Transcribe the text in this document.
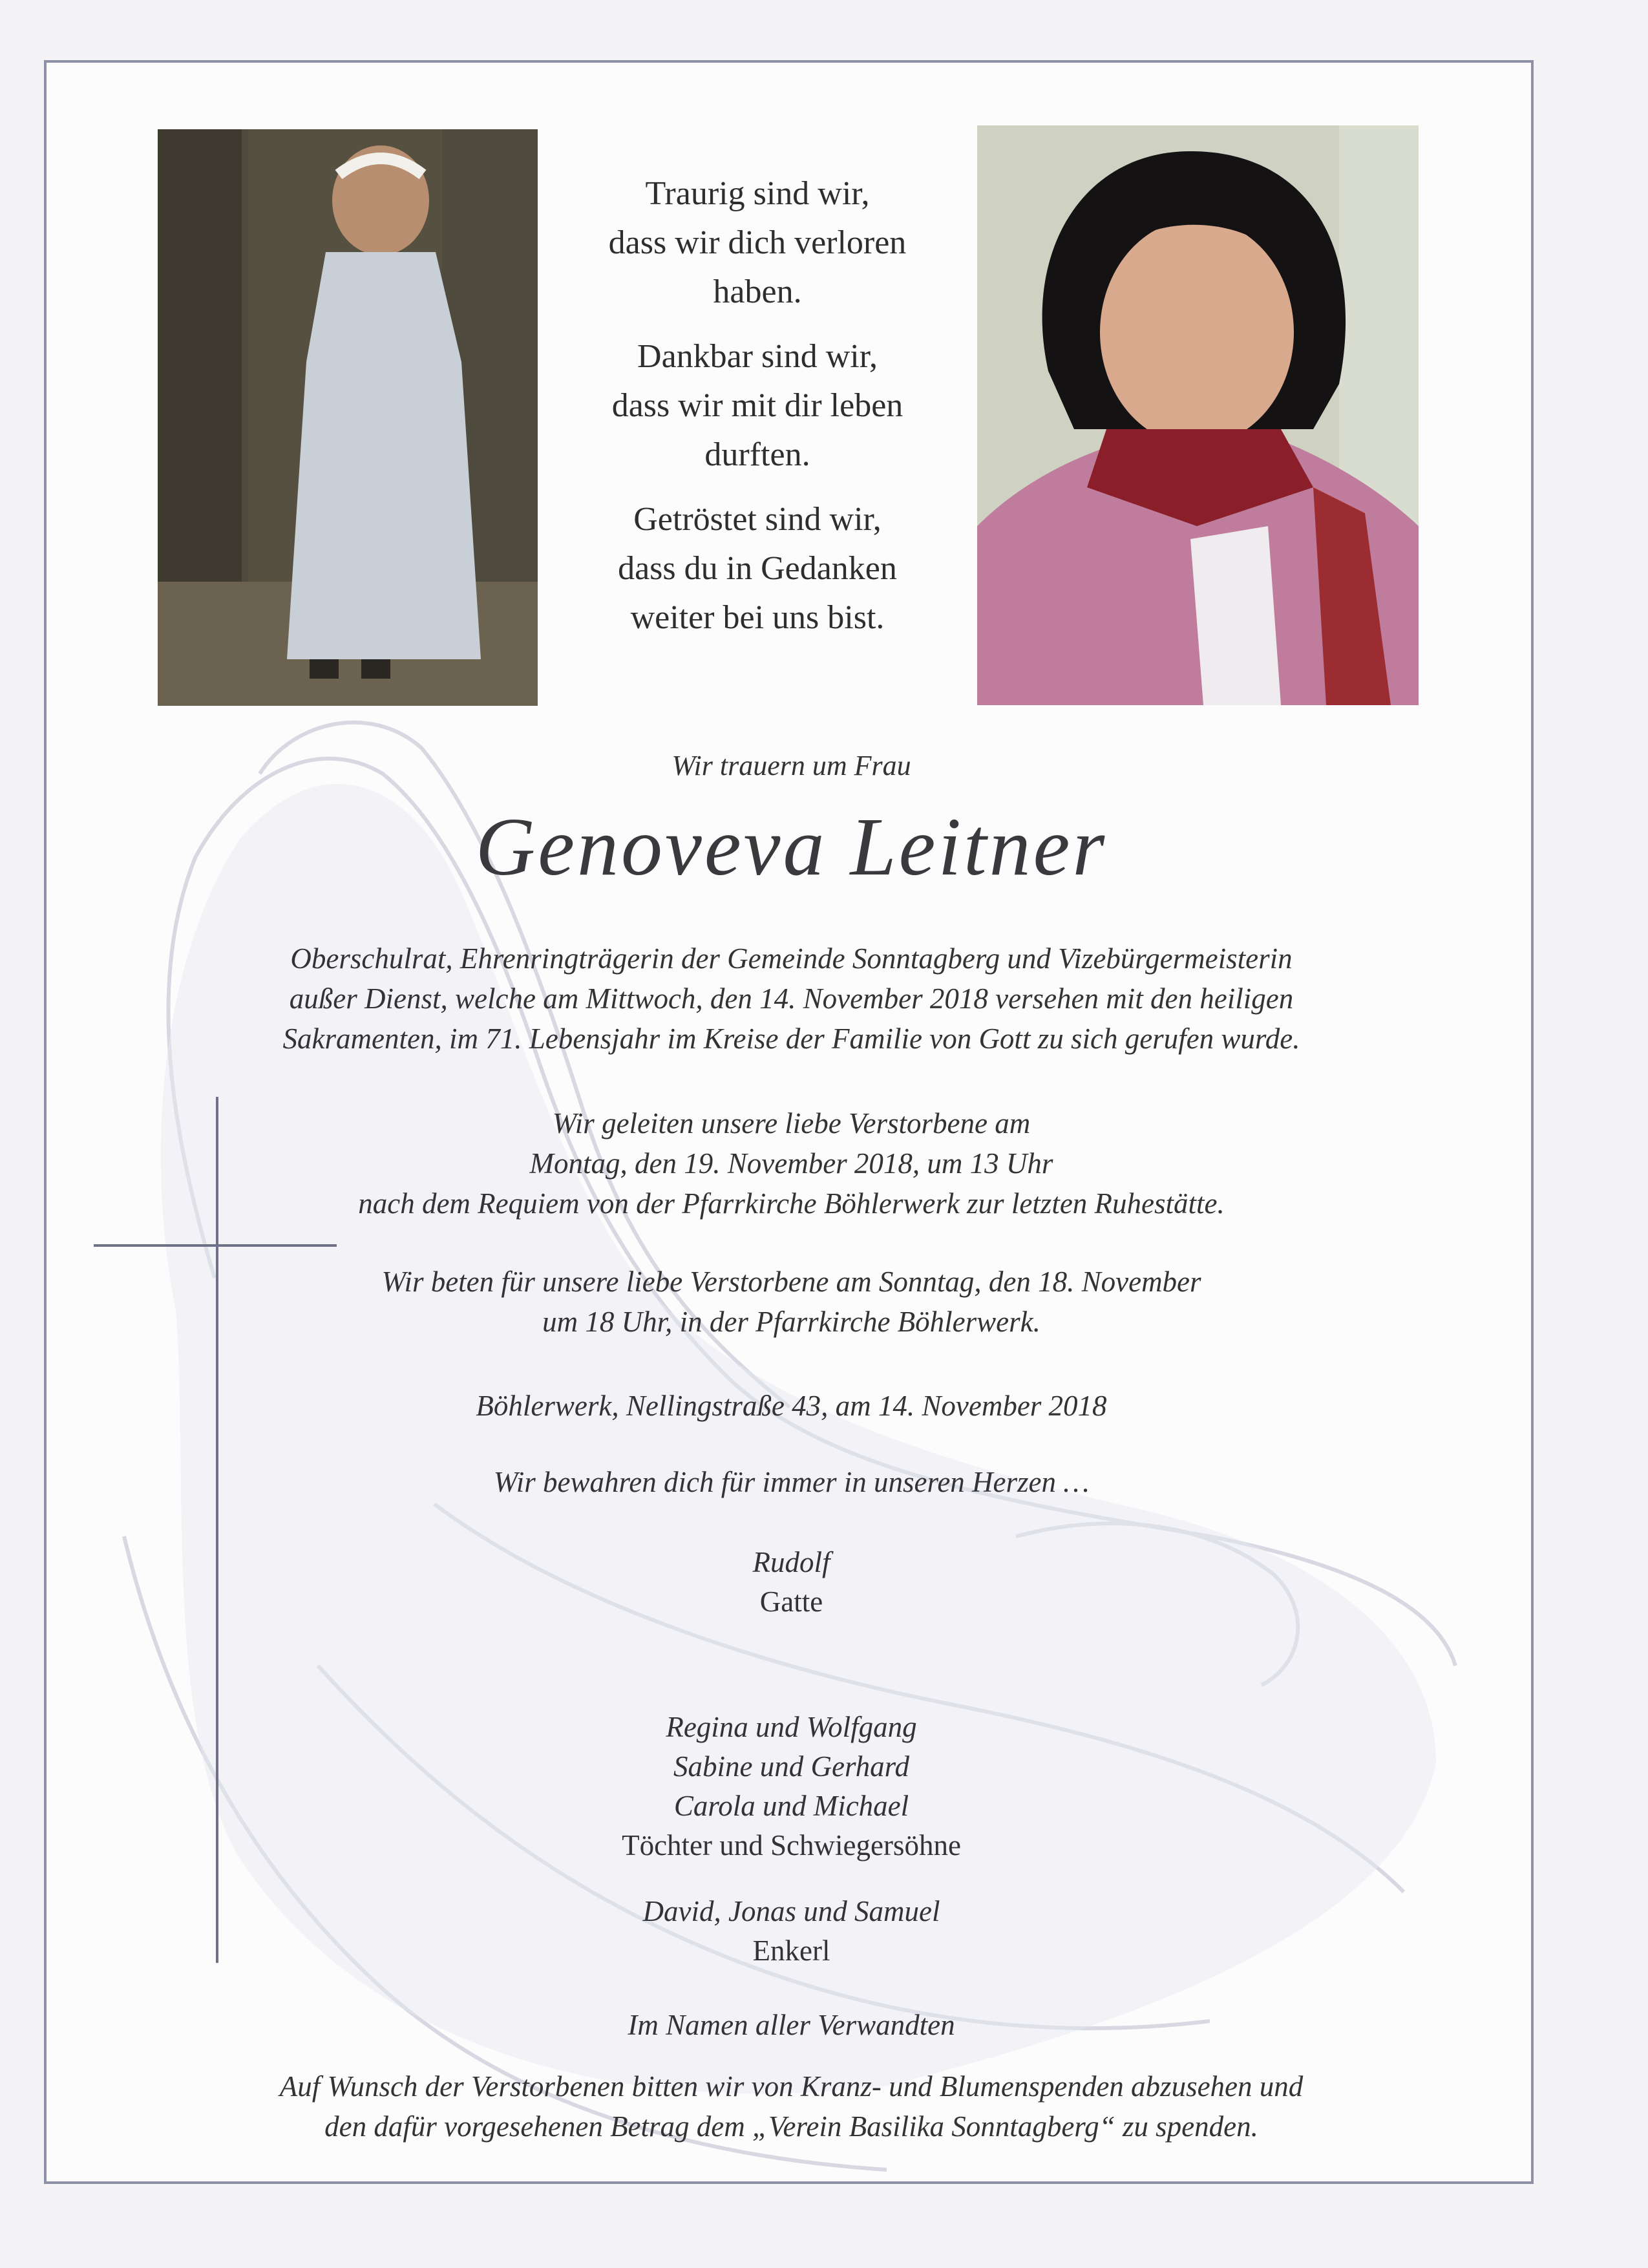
Traurig sind wir,
dass wir dich verloren
haben.

Dankbar sind wir,
dass wir mit dir leben
durften.

Getröstet sind wir,
dass du in Gedanken
weiter bei uns bist.

Wir trauern um Frau
Genoveva Leitner
Oberschulrat, Ehrenringträgerin der Gemeinde Sonntagberg und Vizebürgermeisterin
außer Dienst, welche am Mittwoch, den 14. November 2018 versehen mit den heiligen
Sakramenten, im 71. Lebensjahr im Kreise der Familie von Gott zu sich gerufen wurde.
Wir geleiten unsere liebe Verstorbene am
Montag, den 19. November 2018, um 13 Uhr
nach dem Requiem von der Pfarrkirche Böhlerwerk zur letzten Ruhestätte.
Wir beten für unsere liebe Verstorbene am Sonntag, den 18. November
um 18 Uhr, in der Pfarrkirche Böhlerwerk.
Böhlerwerk, Nellingstraße 43, am 14. November 2018
Wir bewahren dich für immer in unseren Herzen …
Rudolf
Gatte
Regina und Wolfgang
Sabine und Gerhard
Carola und Michael
Töchter und Schwiegersöhne
David, Jonas und Samuel
Enkerl
Im Namen aller Verwandten
Auf Wunsch der Verstorbenen bitten wir von Kranz- und Blumenspenden abzusehen und
den dafür vorgesehenen Betrag dem „Verein Basilika Sonntagberg“ zu spenden.
